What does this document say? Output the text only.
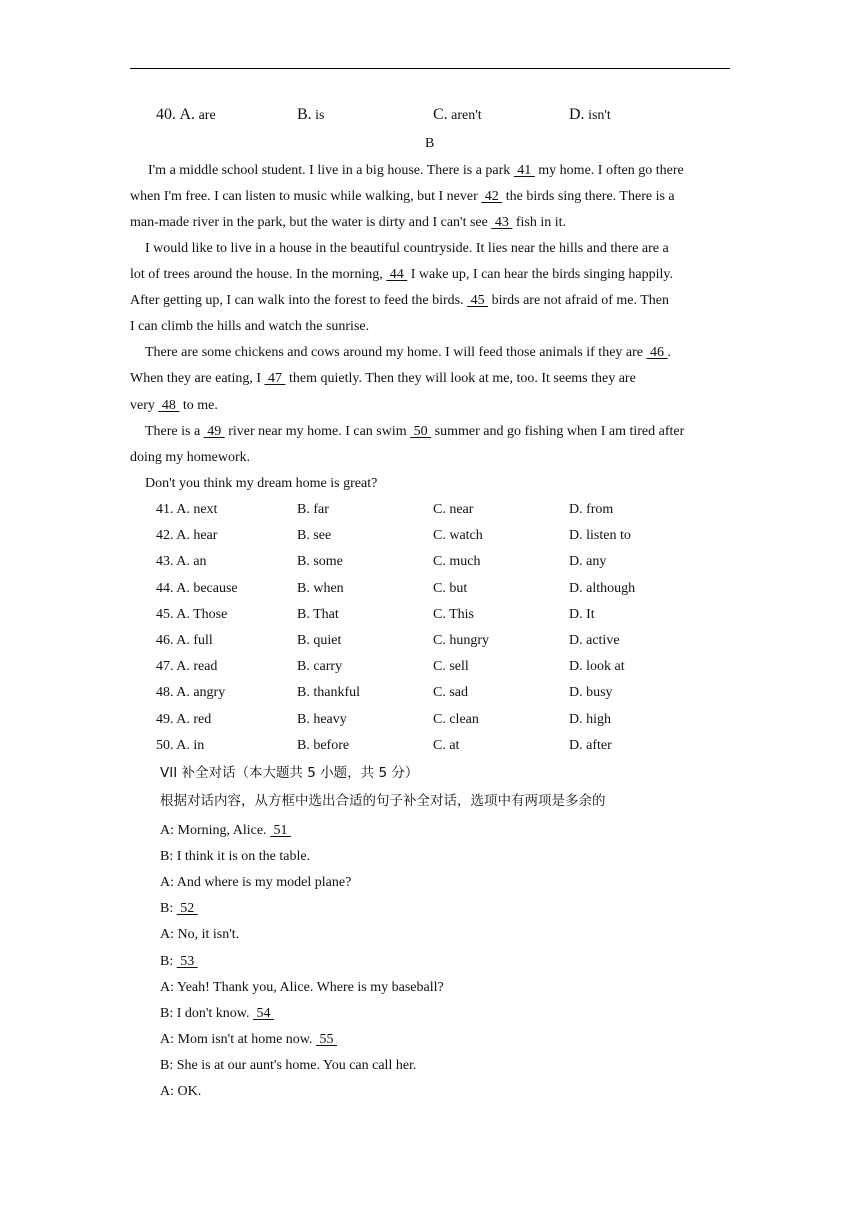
40. A. are	B. is	C. aren't	D. isn't
B
I'm a middle school student. I live in a big house. There is a park  41  my home. I often go there
when I'm free. I can listen to music while walking, but I never  42  the birds sing there. There is a
man-made river in the park, but the water is dirty and I can't see  43  fish in it.
I would like to live in a house in the beautiful countryside. It lies near the hills and there are a
lot of trees around the house. In the morning,  44  I wake up, I can hear the birds singing happily.
After getting up, I can walk into the forest to feed the birds.  45  birds are not afraid of me. Then
I can climb the hills and watch the sunrise.
There are some chickens and cows around my home. I will feed those animals if they are  46 .
When they are eating, I  47  them quietly. Then they will look at me, too. It seems they are
very  48  to me.
There is a  49  river near my home. I can swim  50  summer and go fishing when I am tired after
doing my homework.
Don't you think my dream home is great?
41. A. next	B. far	C. near	D. from
42. A. hear	B. see	C. watch	D. listen to
43. A. an	B. some	C. much	D. any
44. A. because	B. when	C. but	D. although
45. A. Those	B. That	C. This	D. It
46. A. full	B. quiet	C. hungry	D. active
47. A. read	B. carry	C. sell	D. look at
48. A. angry	B. thankful	C. sad	D. busy
49. A. red	B. heavy	C. clean	D. high
50. A. in	B. before	C. at	D. after
VII 补全对话（本大题共 5 小题，共 5 分）
根据对话内容，从方框中选出合适的句子补全对话，选项中有两项是多余的
A: Morning, Alice.  51
B: I think it is on the table.
A: And where is my model plane?
B:  52
A: No, it isn't.
B:  53
A: Yeah! Thank you, Alice. Where is my baseball?
B: I don't know.  54
A: Mom isn't at home now.  55
B: She is at our aunt's home. You can call her.
A: OK.
